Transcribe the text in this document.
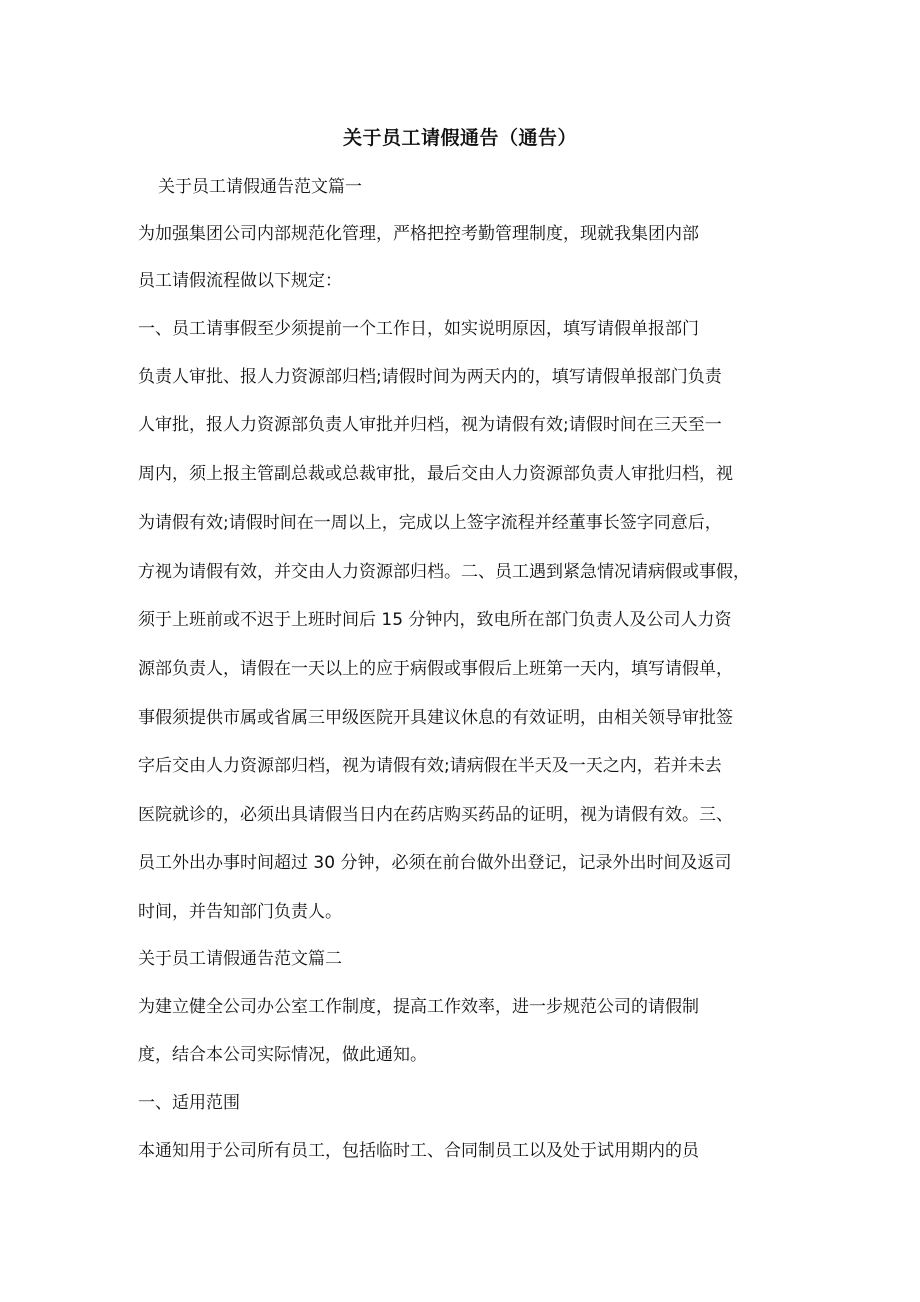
关于员工请假通告（通告）
关于员工请假通告范文篇一
为加强集团公司内部规范化管理，严格把控考勤管理制度，现就我集团内部
员工请假流程做以下规定：
一、员工请事假至少须提前一个工作日，如实说明原因，填写请假单报部门
负责人审批、报人力资源部归档;请假时间为两天内的，填写请假单报部门负责
人审批，报人力资源部负责人审批并归档，视为请假有效;请假时间在三天至一
周内，须上报主管副总裁或总裁审批，最后交由人力资源部负责人审批归档，视
为请假有效;请假时间在一周以上，完成以上签字流程并经董事长签字同意后，
方视为请假有效，并交由人力资源部归档。二、员工遇到紧急情况请病假或事假，
须于上班前或不迟于上班时间后 15 分钟内，致电所在部门负责人及公司人力资
源部负责人，请假在一天以上的应于病假或事假后上班第一天内，填写请假单，
事假须提供市属或省属三甲级医院开具建议休息的有效证明，由相关领导审批签
字后交由人力资源部归档，视为请假有效;请病假在半天及一天之内，若并未去
医院就诊的，必须出具请假当日内在药店购买药品的证明，视为请假有效。三、
员工外出办事时间超过 30 分钟，必须在前台做外出登记，记录外出时间及返司
时间，并告知部门负责人。
关于员工请假通告范文篇二
为建立健全公司办公室工作制度，提高工作效率，进一步规范公司的请假制
度，结合本公司实际情况，做此通知。
一、适用范围
本通知用于公司所有员工，包括临时工、合同制员工以及处于试用期内的员
